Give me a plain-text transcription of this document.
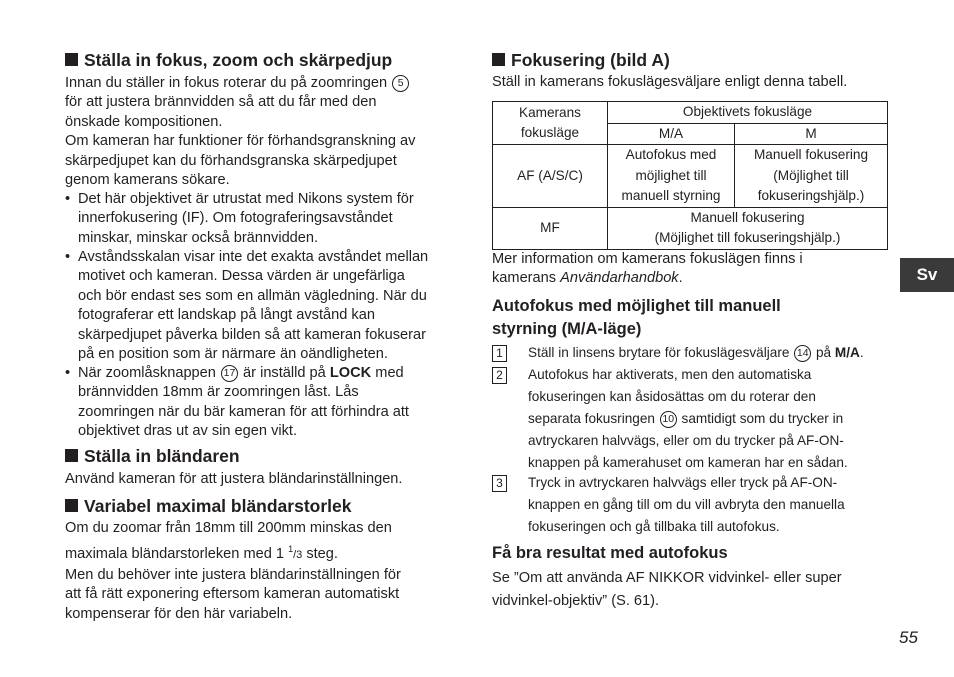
Ställa in fokus, zoom och skärpedjup
Innan du ställer in fokus roterar du på zoomringen 5
för att justera brännvidden så att du får med den
önskade kompositionen.
Om kameran har funktioner för förhandsgranskning av
skärpedjupet kan du förhandsgranska skärpedjupet
genom kamerans sökare.
• Det här objektivet är utrustat med Nikons system för
innerfokusering (IF). Om fotograferingsavståndet
minskar, minskar också brännvidden.
• Avståndsskalan visar inte det exakta avståndet mellan
motivet och kameran. Dessa värden är ungefärliga
och bör endast ses som en allmän vägledning. När du
fotograferar ett landskap på långt avstånd kan
skärpedjupet påverka bilden så att kameran fokuserar
på en position som är närmare än oändligheten.
• När zoomlåsknappen 17 är inställd på LOCK med
brännvidden 18mm är zoomringen låst. Lås
zoomringen när du bär kameran för att förhindra att
objektivet dras ut av sin egen vikt.
Ställa in bländaren
Använd kameran för att justera bländarinställningen.
Variabel maximal bländarstorlek
Om du zoomar från 18mm till 200mm minskas den
maximala bländarstorleken med 1 $^1$/3 steg.
Men du behöver inte justera bländarinställningen för
att få rätt exponering eftersom kameran automatiskt
kompenserar för den här variabeln.
Fokusering (bild A)
Ställ in kamerans fokuslägesväljare enligt denna tabell.
Kamerans
fokusläge	Objektivets fokusläge	
	M/A	M
AF (A/S/C)	Autofokus med
möjlighet till
manuell styrning	Manuell fokusering
(Möjlighet till
fokuseringshjälp.)
MF	Manuell fokusering
(Möjlighet till fokuseringshjälp.)	
Mer information om kamerans fokuslägen finns i
kamerans Användarhandbok.
Autofokus med möjlighet till manuell
styrning (M/A-läge)
1	Ställ in linsens brytare för fokuslägesväljare 14 på M/A.
2	Autofokus har aktiverats, men den automatiska
fokuseringen kan åsidosättas om du roterar den
separata fokusringen 10 samtidigt som du trycker in
avtryckaren halvvägs, eller om du trycker på AF-ON-
knappen på kamerahuset om kameran har en sådan.
3	Tryck in avtryckaren halvvägs eller tryck på AF-ON-
knappen en gång till om du vill avbryta den manuella
fokuseringen och gå tillbaka till autofokus.
Få bra resultat med autofokus
Se ”Om att använda AF NIKKOR vidvinkel- eller super
vidvinkel-objektiv” (S. 61).
Sv
55
